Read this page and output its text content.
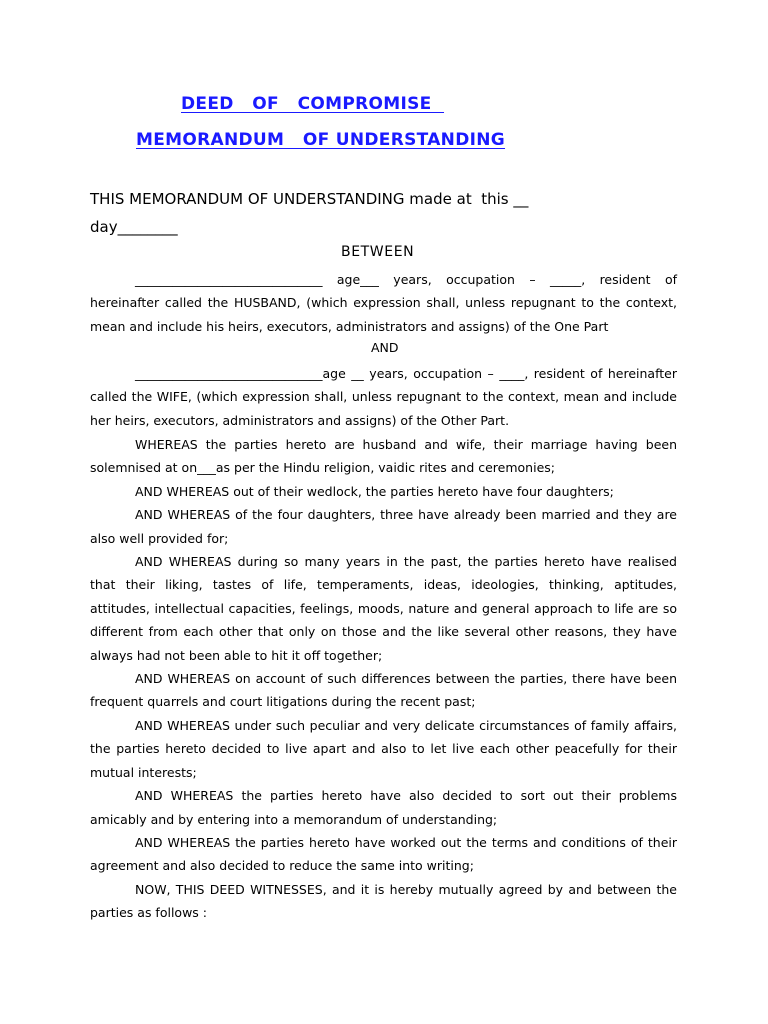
DEED   OF   COMPROMISE
MEMORANDUM   OF UNDERSTANDING
THIS MEMORANDUM OF UNDERSTANDING made at  this __ day________
BETWEEN

______________________________ age___ years, occupation – _____, resident of hereinafter called the HUSBAND, (which expression shall, unless repugnant to the context, mean and include his heirs, executors, administrators and assigns) of the One Part

AND

______________________________age __ years, occupation – ____, resident of hereinafter called the WIFE, (which expression shall, unless repugnant to the context, mean and include her heirs, executors, administrators and assigns) of the Other Part.

WHEREAS the parties hereto are husband and wife, their marriage having been solemnised at on___as per the Hindu religion, vaidic rites and ceremonies;

AND WHEREAS out of their wedlock, the parties hereto have four daughters;

AND WHEREAS of the four daughters, three have already been married and they are also well provided for;

AND WHEREAS during so many years in the past, the parties hereto have realised that their liking, tastes of life, temperaments, ideas, ideologies, thinking, aptitudes, attitudes, intellectual capacities, feelings, moods, nature and general approach to life are so different from each other that only on those and the like several other reasons, they have always had not been able to hit it off together;

AND WHEREAS on account of such differences between the parties, there have been frequent quarrels and court litigations during the recent past;

AND WHEREAS under such peculiar and very delicate circumstances of family affairs, the parties hereto decided to live apart and also to let live each other peacefully for their mutual interests;

AND WHEREAS the parties hereto have also decided to sort out their problems amicably and by entering into a memorandum of understanding;

AND WHEREAS the parties hereto have worked out the terms and conditions of their agreement and also decided to reduce the same into writing;

NOW, THIS DEED WITNESSES, and it is hereby mutually agreed by and between the parties as follows :
